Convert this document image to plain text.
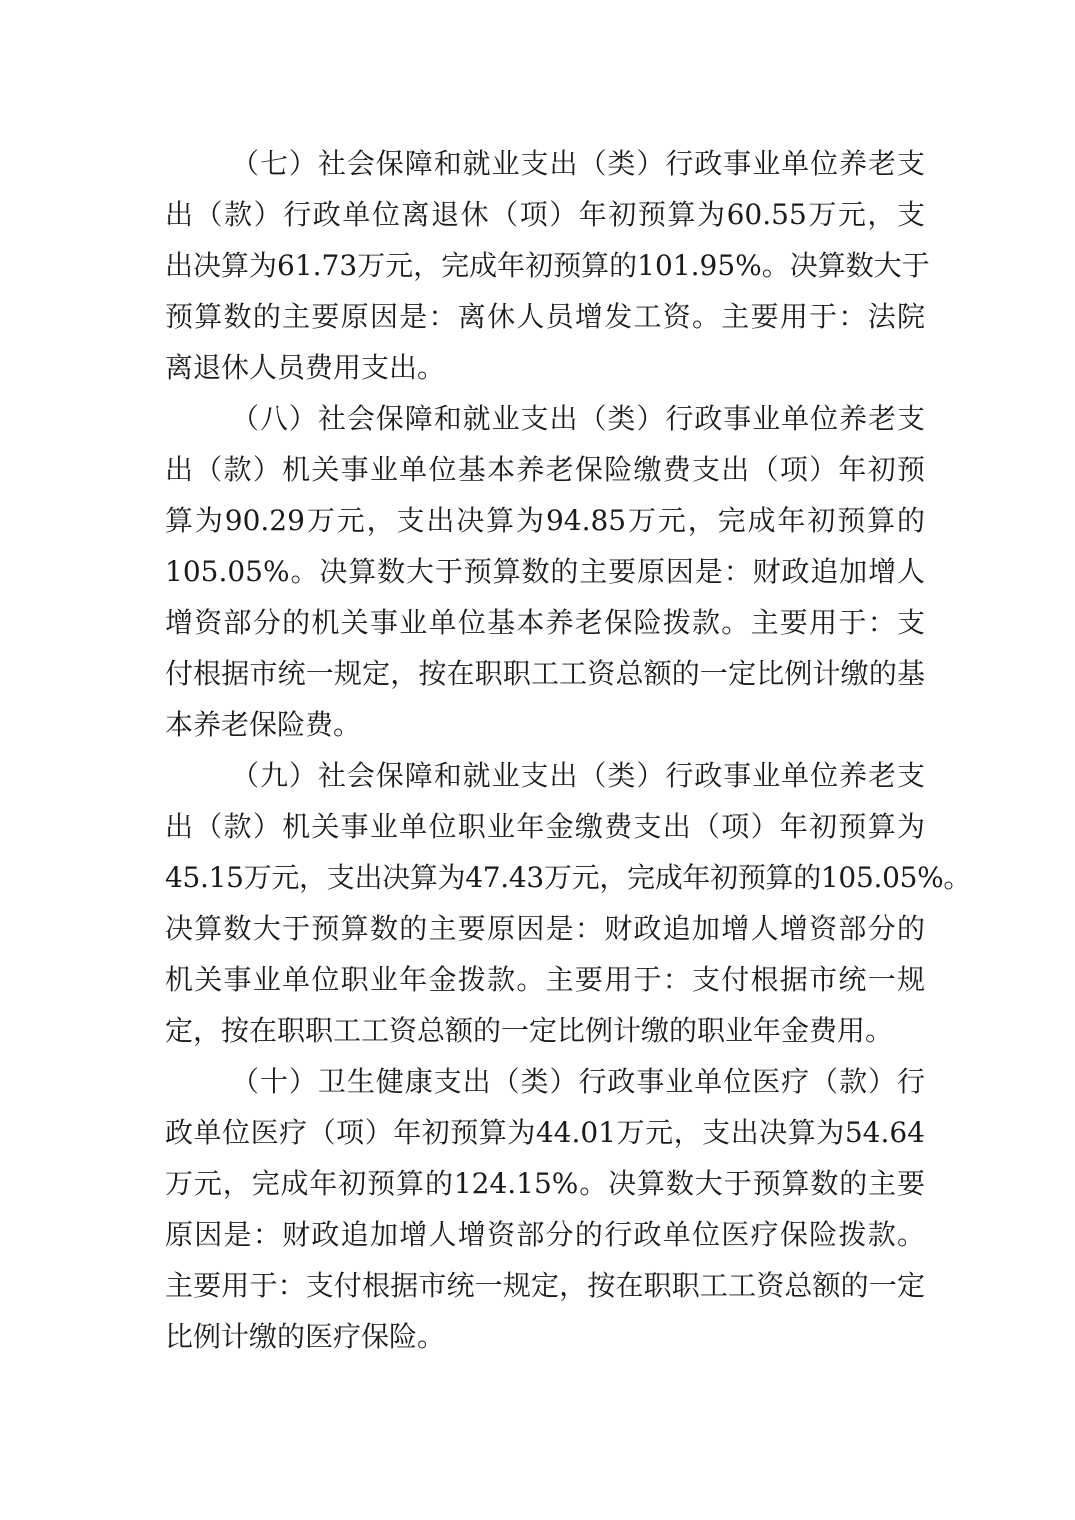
（七）社会保障和就业支出（类）行政事业单位养老支
出（款）行政单位离退休（项）年初预算为60.55万元，支
出决算为61.73万元，完成年初预算的101.95%。决算数大于
预算数的主要原因是：离休人员增发工资。主要用于：法院
离退休人员费用支出。
（八）社会保障和就业支出（类）行政事业单位养老支
出（款）机关事业单位基本养老保险缴费支出（项）年初预
算为90.29万元，支出决算为94.85万元，完成年初预算的
105.05%。决算数大于预算数的主要原因是：财政追加增人
增资部分的机关事业单位基本养老保险拨款。主要用于：支
付根据市统一规定，按在职职工工资总额的一定比例计缴的基
本养老保险费。
（九）社会保障和就业支出（类）行政事业单位养老支
出（款）机关事业单位职业年金缴费支出（项）年初预算为
45.15万元，支出决算为47.43万元，完成年初预算的105.05%。
决算数大于预算数的主要原因是：财政追加增人增资部分的
机关事业单位职业年金拨款。主要用于：支付根据市统一规
定，按在职职工工资总额的一定比例计缴的职业年金费用。
（十）卫生健康支出（类）行政事业单位医疗（款）行
政单位医疗（项）年初预算为44.01万元，支出决算为54.64
万元，完成年初预算的124.15%。决算数大于预算数的主要
原因是：财政追加增人增资部分的行政单位医疗保险拨款。
主要用于：支付根据市统一规定，按在职职工工资总额的一定
比例计缴的医疗保险。
